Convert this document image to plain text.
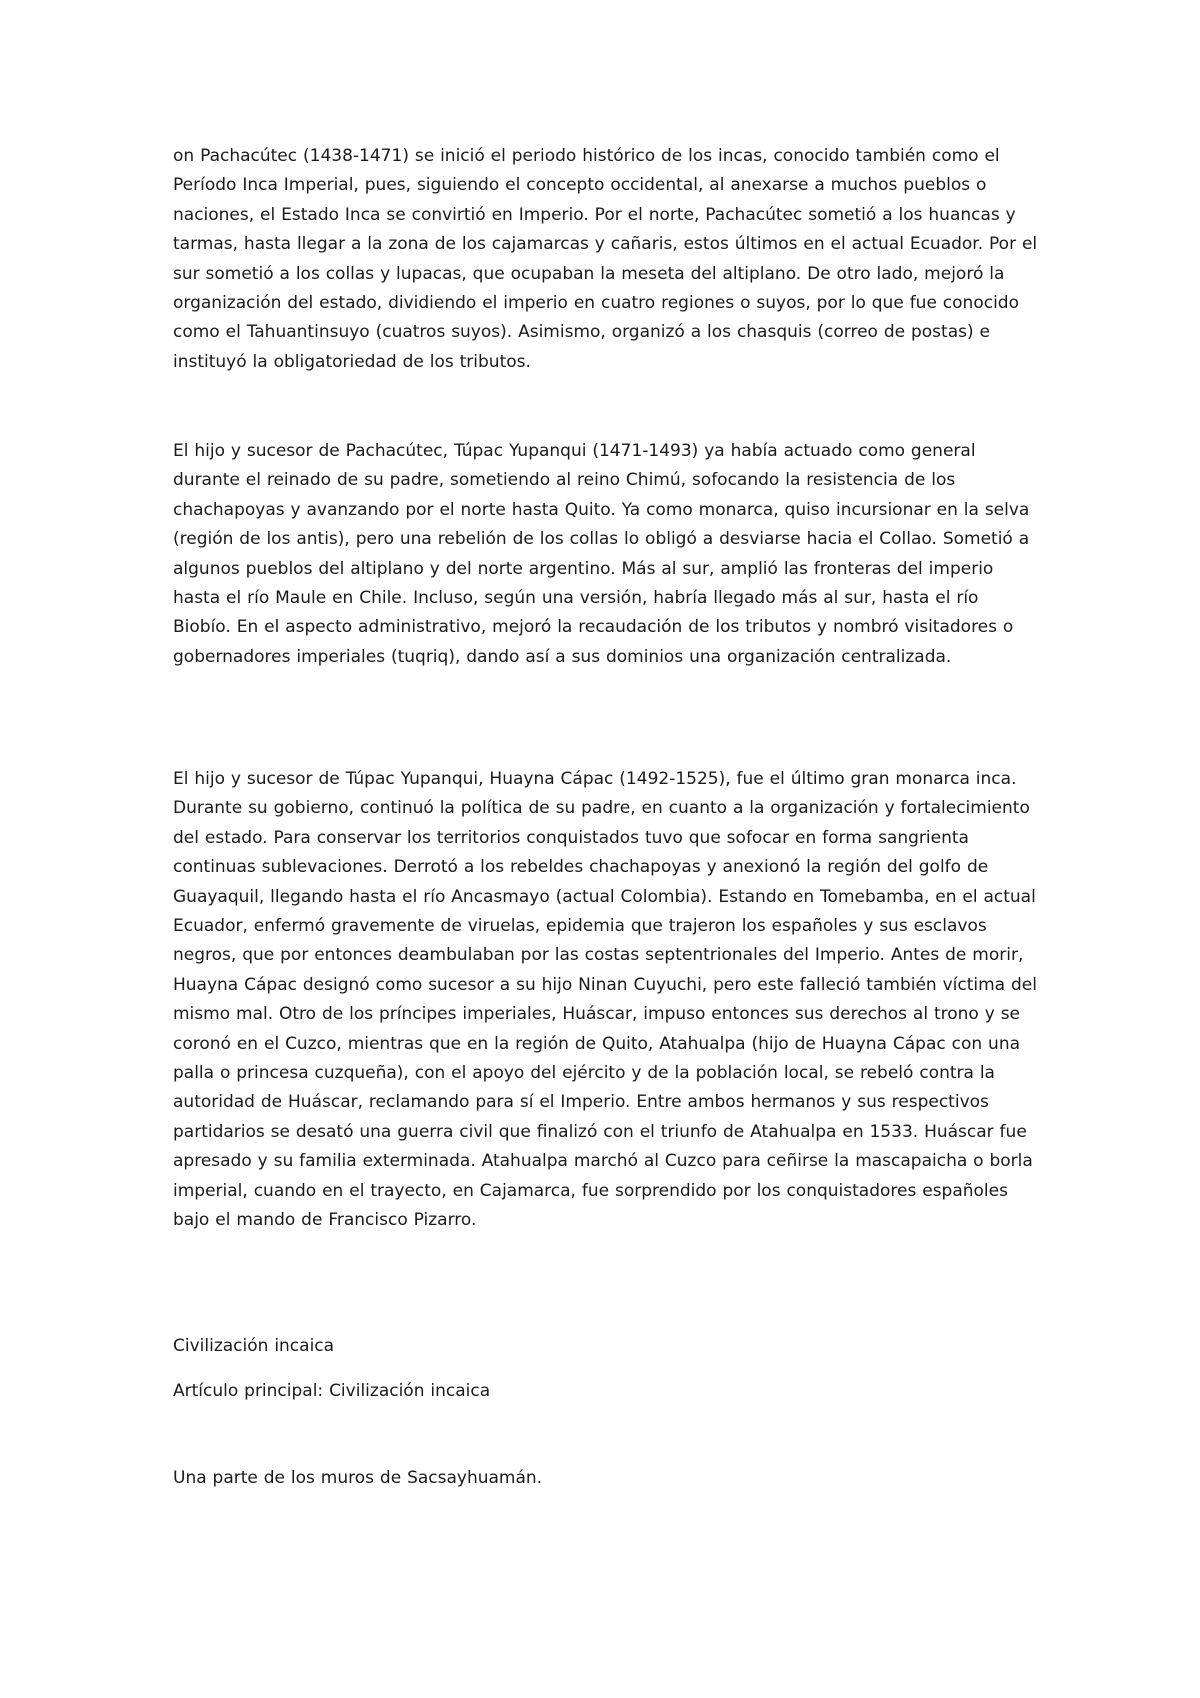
on Pachacútec (1438-1471) se inició el periodo histórico de los incas, conocido también como el Período Inca Imperial, pues, siguiendo el concepto occidental, al anexarse a muchos pueblos o naciones, el Estado Inca se convirtió en Imperio. Por el norte, Pachacútec sometió a los huancas y tarmas, hasta llegar a la zona de los cajamarcas y cañaris, estos últimos en el actual Ecuador. Por el sur sometió a los collas y lupacas, que ocupaban la meseta del altiplano. De otro lado, mejoró la organización del estado, dividiendo el imperio en cuatro regiones o suyos, por lo que fue conocido como el Tahuantinsuyo (cuatros suyos). Asimismo, organizó a los chasquis (correo de postas) e instituyó la obligatoriedad de los tributos.

El hijo y sucesor de Pachacútec, Túpac Yupanqui (1471-1493) ya había actuado como general durante el reinado de su padre, sometiendo al reino Chimú, sofocando la resistencia de los chachapoyas y avanzando por el norte hasta Quito. Ya como monarca, quiso incursionar en la selva (región de los antis), pero una rebelión de los collas lo obligó a desviarse hacia el Collao. Sometió a algunos pueblos del altiplano y del norte argentino. Más al sur, amplió las fronteras del imperio hasta el río Maule en Chile. Incluso, según una versión, habría llegado más al sur, hasta el río Biobío. En el aspecto administrativo, mejoró la recaudación de los tributos y nombró visitadores o gobernadores imperiales (tuqriq), dando así a sus dominios una organización centralizada.

El hijo y sucesor de Túpac Yupanqui, Huayna Cápac (1492-1525), fue el último gran monarca inca. Durante su gobierno, continuó la política de su padre, en cuanto a la organización y fortalecimiento del estado. Para conservar los territorios conquistados tuvo que sofocar en forma sangrienta continuas sublevaciones. Derrotó a los rebeldes chachapoyas y anexionó la región del golfo de Guayaquil, llegando hasta el río Ancasmayo (actual Colombia). Estando en Tomebamba, en el actual Ecuador, enfermó gravemente de viruelas, epidemia que trajeron los españoles y sus esclavos negros, que por entonces deambulaban por las costas septentrionales del Imperio. Antes de morir, Huayna Cápac designó como sucesor a su hijo Ninan Cuyuchi, pero este falleció también víctima del mismo mal. Otro de los príncipes imperiales, Huáscar, impuso entonces sus derechos al trono y se coronó en el Cuzco, mientras que en la región de Quito, Atahualpa (hijo de Huayna Cápac con una palla o princesa cuzqueña), con el apoyo del ejército y de la población local, se rebeló contra la autoridad de Huáscar, reclamando para sí el Imperio. Entre ambos hermanos y sus respectivos partidarios se desató una guerra civil que finalizó con el triunfo de Atahualpa en 1533. Huáscar fue apresado y su familia exterminada. Atahualpa marchó al Cuzco para ceñirse la mascapaicha o borla imperial, cuando en el trayecto, en Cajamarca, fue sorprendido por los conquistadores españoles bajo el mando de Francisco Pizarro.

Civilización incaica

Artículo principal: Civilización incaica

Una parte de los muros de Sacsayhuamán.
